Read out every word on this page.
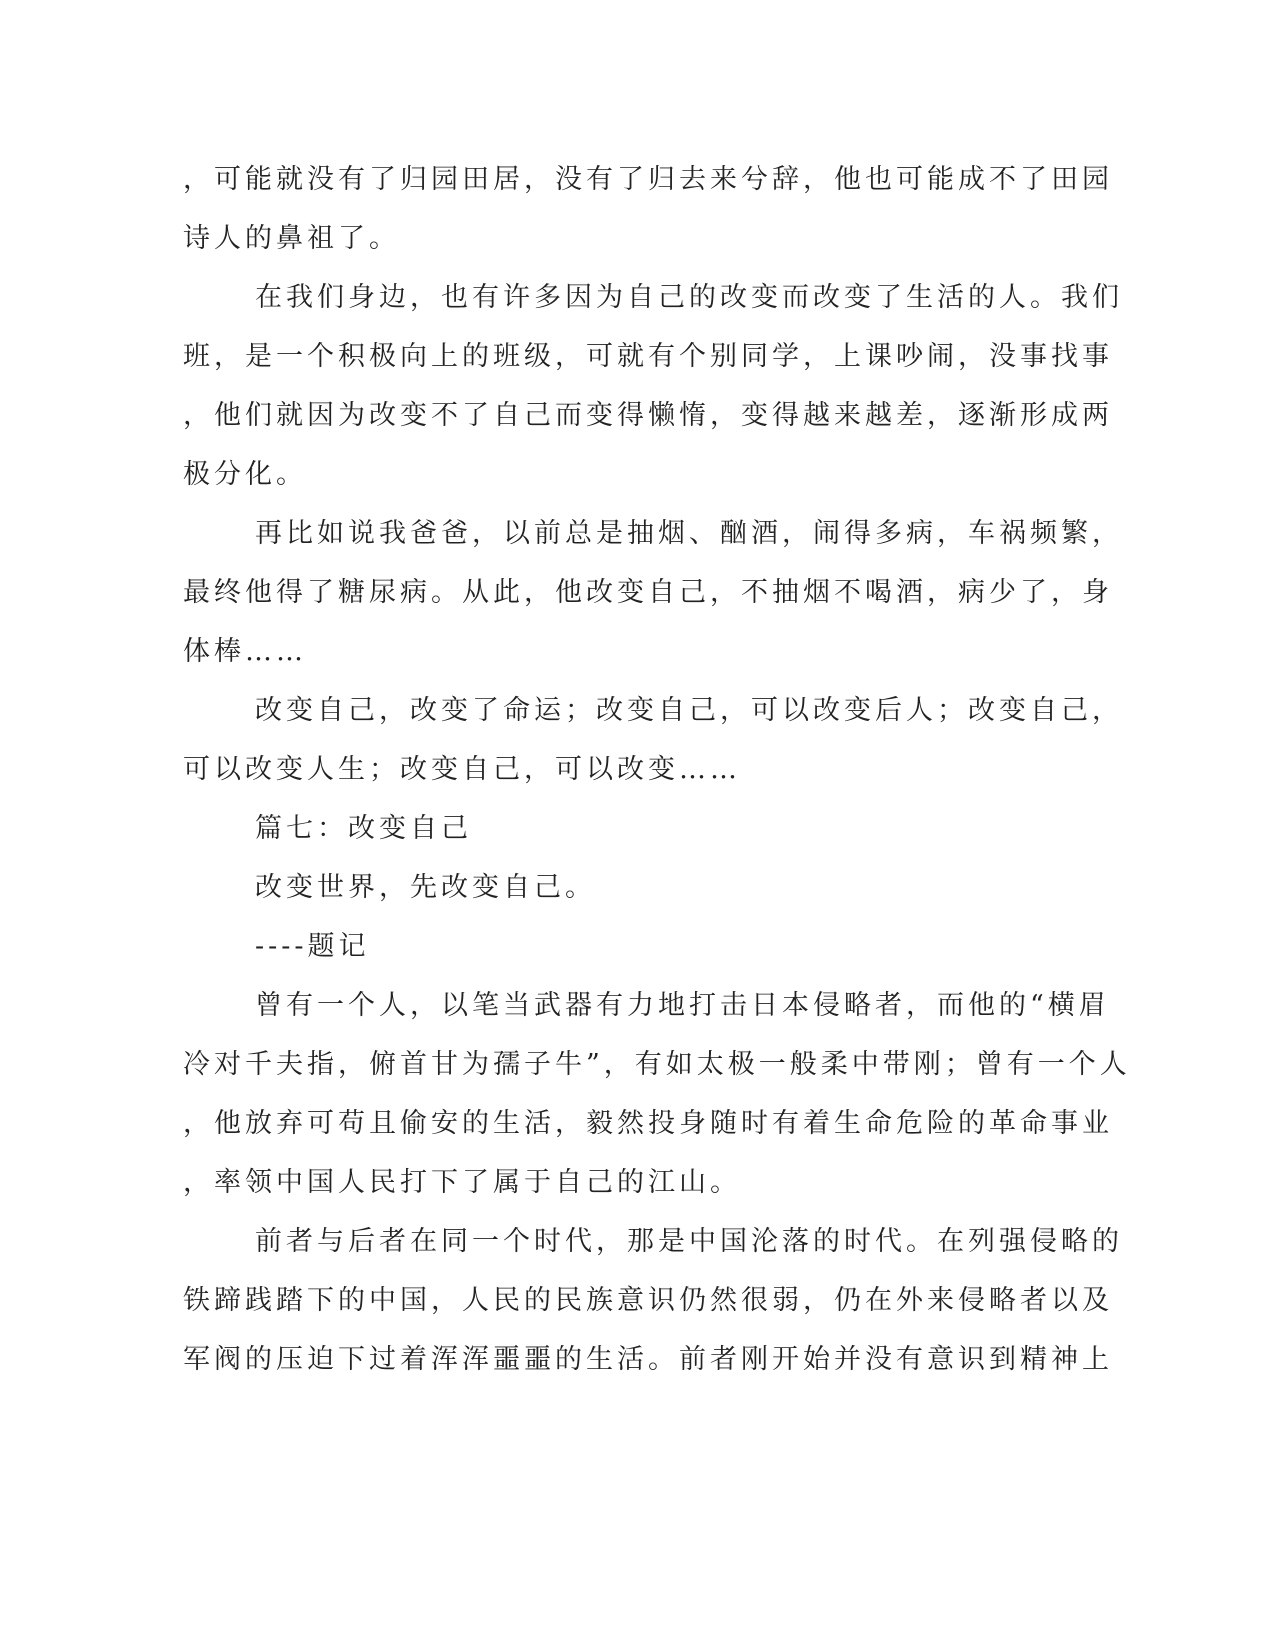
，可能就没有了归园田居，没有了归去来兮辞，他也可能成不了田园

诗人的鼻祖了。

在我们身边，也有许多因为自己的改变而改变了生活的人。我们

班，是一个积极向上的班级，可就有个别同学，上课吵闹，没事找事

，他们就因为改变不了自己而变得懒惰，变得越来越差，逐渐形成两

极分化。

再比如说我爸爸，以前总是抽烟、酗酒，闹得多病，车祸频繁，

最终他得了糖尿病。从此，他改变自己，不抽烟不喝酒，病少了，身

体棒……

改变自己，改变了命运；改变自己，可以改变后人；改变自己，

可以改变人生；改变自己，可以改变……

篇七：改变自己

改变世界，先改变自己。

----题记

曾有一个人，以笔当武器有力地打击日本侵略者，而他的“横眉

冷对千夫指，俯首甘为孺子牛”，有如太极一般柔中带刚；曾有一个人

，他放弃可苟且偷安的生活，毅然投身随时有着生命危险的革命事业

，率领中国人民打下了属于自己的江山。

前者与后者在同一个时代，那是中国沦落的时代。在列强侵略的

铁蹄践踏下的中国，人民的民族意识仍然很弱，仍在外来侵略者以及

军阀的压迫下过着浑浑噩噩的生活。前者刚开始并没有意识到精神上
